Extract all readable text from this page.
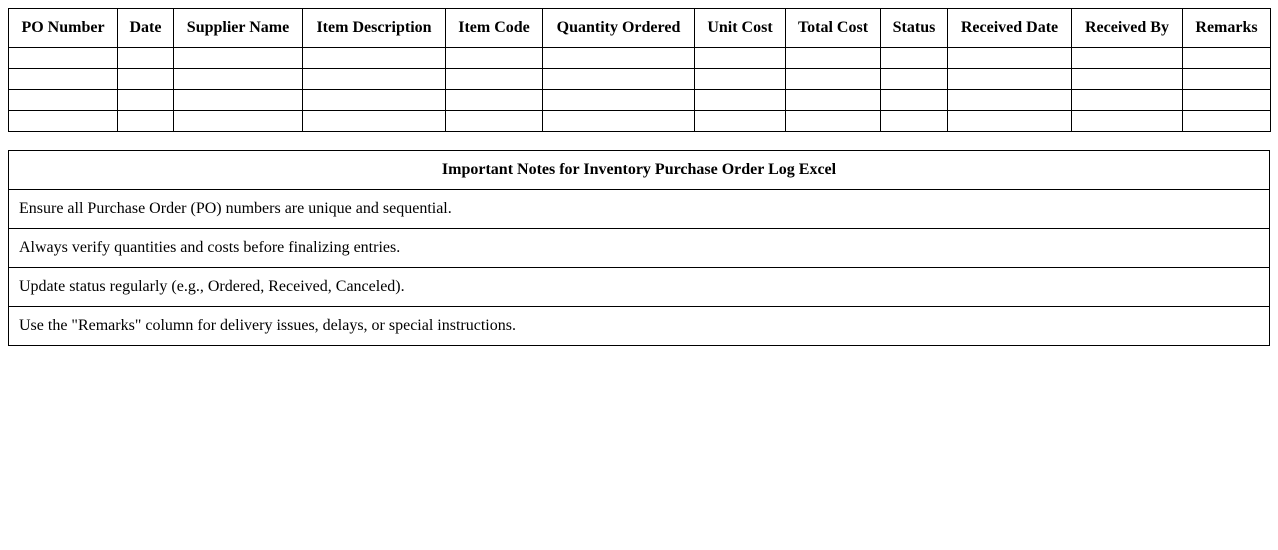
PO Number	Date	Supplier Name	Item Description	Item Code	Quantity Ordered	Unit Cost	Total Cost	Status	Received Date	Received By	Remarks

Important Notes for Inventory Purchase Order Log Excel
Ensure all Purchase Order (PO) numbers are unique and sequential.
Always verify quantities and costs before finalizing entries.
Update status regularly (e.g., Ordered, Received, Canceled).
Use the "Remarks" column for delivery issues, delays, or special instructions.
